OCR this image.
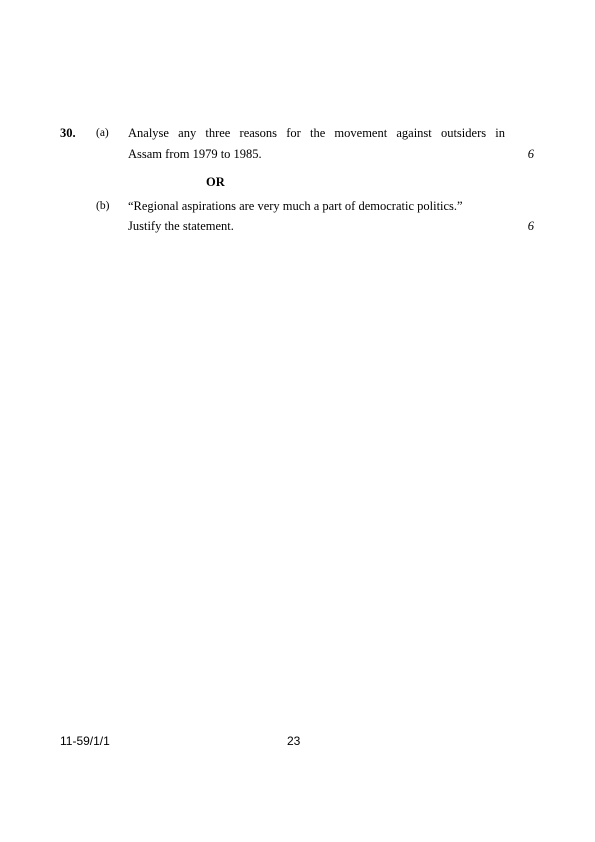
30. (a) Analyse any three reasons for the movement against outsiders in
Assam from 1979 to 1985.	6
OR
(b) “Regional aspirations are very much a part of democratic politics.”
Justify the statement.	6
11-59/1/1	23
